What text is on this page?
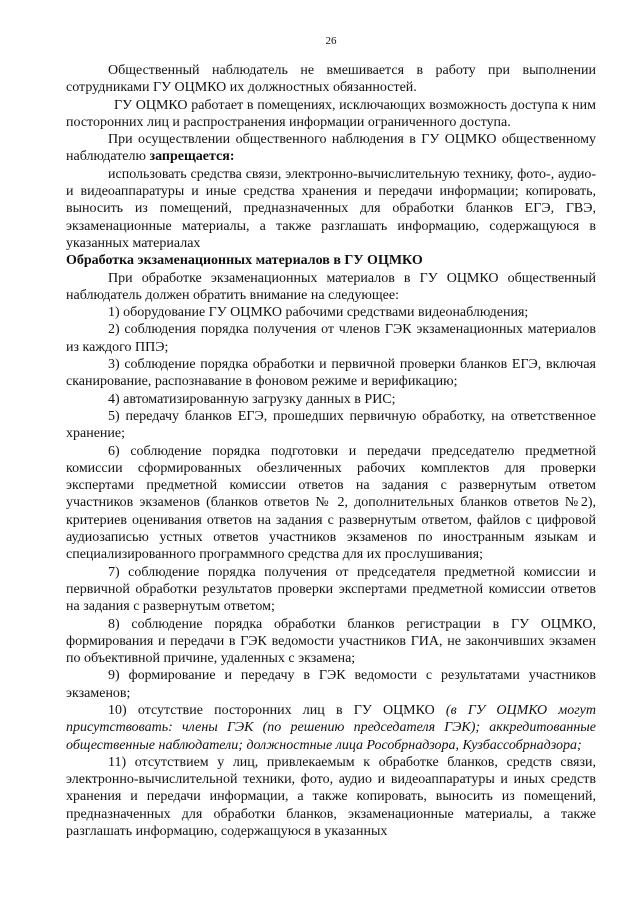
26

Общественный наблюдатель не вмешивается в работу при выполнении сотрудниками ГУ ОЦМКО их должностных обязанностей.

ГУ ОЦМКО работает в помещениях, исключающих возможность доступа к ним посторонних лиц и распространения информации ограниченного доступа.

При осуществлении общественного наблюдения в ГУ ОЦМКО общественному наблюдателю запрещается:

использовать средства связи, электронно-вычислительную технику, фото-, аудио- и видеоаппаратуры и иные средства хранения и передачи информации; копировать, выносить из помещений, предназначенных для обработки бланков ЕГЭ, ГВЭ, экзаменационные материалы, а также разглашать информацию, содержащуюся в указанных материалах

Обработка экзаменационных материалов в ГУ ОЦМКО

При обработке экзаменационных материалов в ГУ ОЦМКО общественный наблюдатель должен обратить внимание на следующее:

1) оборудование ГУ ОЦМКО рабочими средствами видеонаблюдения;

2) соблюдения порядка получения от членов ГЭК экзаменационных материалов из каждого ППЭ;

3) соблюдение порядка обработки и первичной проверки бланков ЕГЭ, включая сканирование, распознавание в фоновом режиме и верификацию;

4) автоматизированную загрузку данных в РИС;

5) передачу бланков ЕГЭ, прошедших первичную обработку, на ответственное хранение;

6) соблюдение порядка подготовки и передачи председателю предметной комиссии сформированных обезличенных рабочих комплектов для проверки экспертами предметной комиссии ответов на задания с развернутым ответом участников экзаменов (бланков ответов № 2, дополнительных бланков ответов №2), критериев оценивания ответов на задания с развернутым ответом, файлов с цифровой аудиозаписью устных ответов участников экзаменов по иностранным языкам и специализированного программного средства для их прослушивания;

7) соблюдение порядка получения от председателя предметной комиссии и первичной обработки результатов проверки экспертами предметной комиссии ответов на задания с развернутым ответом;

8) соблюдение порядка обработки бланков регистрации в ГУ ОЦМКО, формирования и передачи в ГЭК ведомости участников ГИА, не закончивших экзамен по объективной причине, удаленных с экзамена;

9) формирование и передачу в ГЭК ведомости с результатами участников экзаменов;

10) отсутствие посторонних лиц в ГУ ОЦМКО (в ГУ ОЦМКО могут присутствовать: члены ГЭК (по решению председателя ГЭК); аккредитованные общественные наблюдатели; должностные лица Рособрнадзора, Кузбассобрнадзора;

11) отсутствием у лиц, привлекаемым к обработке бланков, средств связи, электронно-вычислительной техники, фото, аудио и видеоаппаратуры и иных средств хранения и передачи информации, а также копировать, выносить из помещений, предназначенных для обработки бланков, экзаменационные материалы, а также разглашать информацию, содержащуюся в указанных
